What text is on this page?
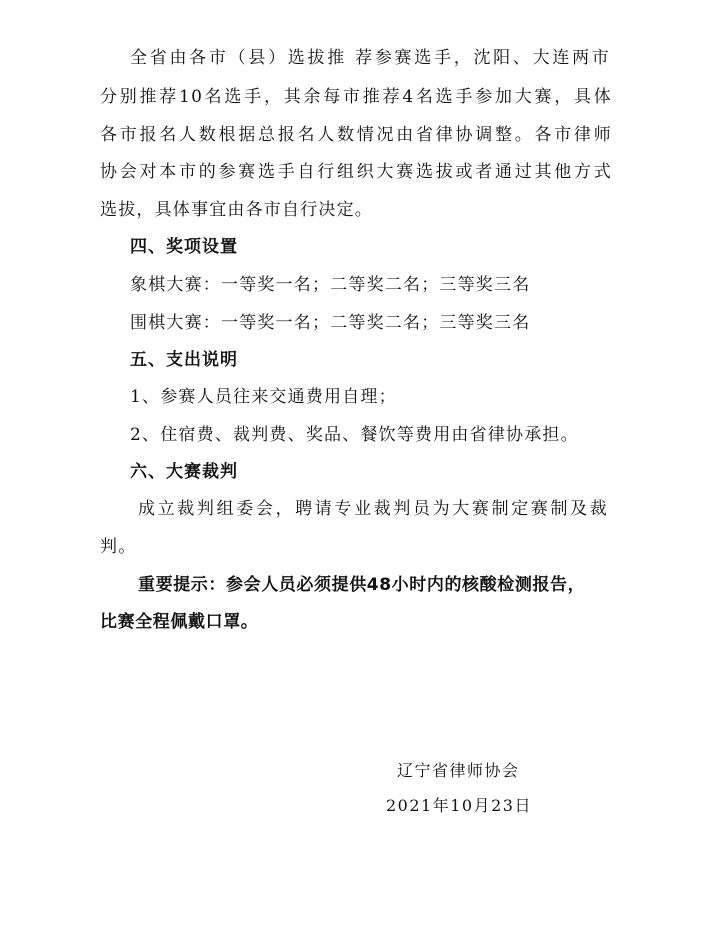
全省由各市（县）选拔推 荐参赛选手，沈阳、大连两市
分别推荐10名选手，其余每市推荐4名选手参加大赛，具体
各市报名人数根据总报名人数情况由省律协调整。各市律师
协会对本市的参赛选手自行组织大赛选拔或者通过其他方式
选拔，具体事宜由各市自行决定。
四、奖项设置
象棋大赛：一等奖一名；二等奖二名；三等奖三名
围棋大赛：一等奖一名；二等奖二名；三等奖三名
五、支出说明
1、参赛人员往来交通费用自理；
2、住宿费、裁判费、奖品、餐饮等费用由省律协承担。
六、大赛裁判
成立裁判组委会，聘请专业裁判员为大赛制定赛制及裁
判。
重要提示：参会人员必须提供48小时内的核酸检测报告，
比赛全程佩戴口罩。
辽宁省律师协会
2021年10月23日
